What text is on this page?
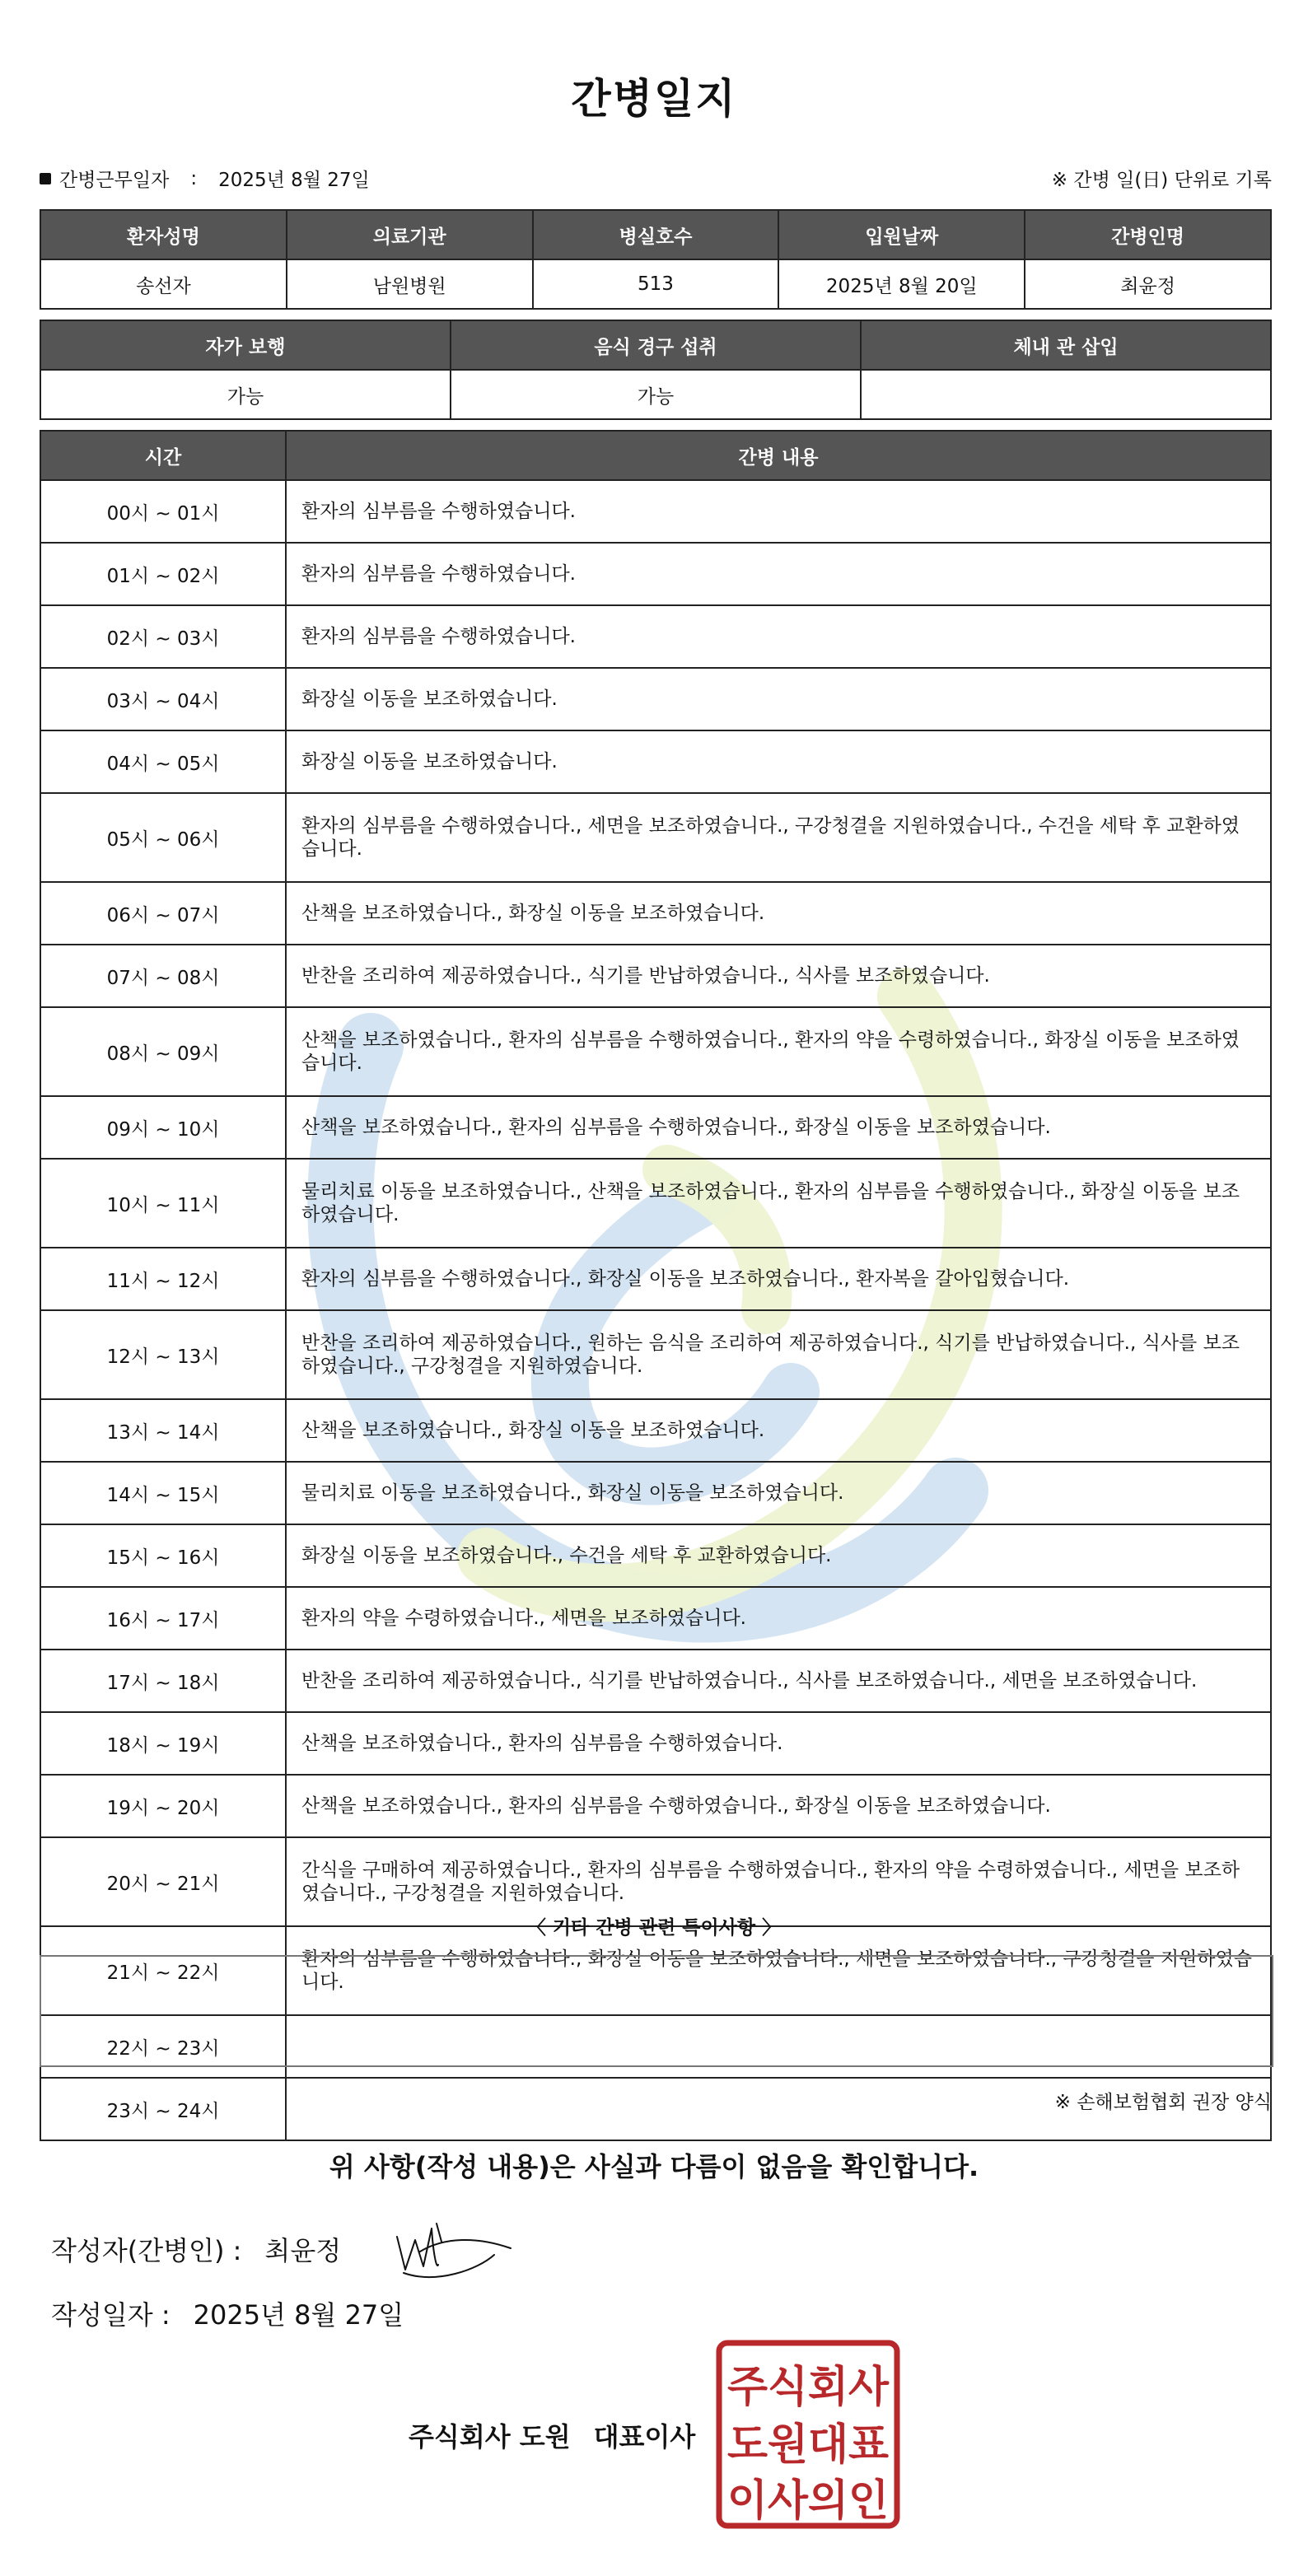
간병일지
간병근무일자 : 2025년 8월 27일	※ 간병 일(日) 단위로 기록
환자성명	의료기관	병실호수	입원날짜	간병인명
송선자	남원병원	513	2025년 8월 20일	최윤정
자가 보행	음식 경구 섭취	체내 관 삽입
가능	가능	
시간	간병 내용
00시 ~ 01시	환자의 심부름을 수행하였습니다.
01시 ~ 02시	환자의 심부름을 수행하였습니다.
02시 ~ 03시	환자의 심부름을 수행하였습니다.
03시 ~ 04시	화장실 이동을 보조하였습니다.
04시 ~ 05시	화장실 이동을 보조하였습니다.
05시 ~ 06시	환자의 심부름을 수행하였습니다., 세면을 보조하였습니다., 구강청결을 지원하였습니다., 수건을 세탁 후 교환하였습니다.
06시 ~ 07시	산책을 보조하였습니다., 화장실 이동을 보조하였습니다.
07시 ~ 08시	반찬을 조리하여 제공하였습니다., 식기를 반납하였습니다., 식사를 보조하였습니다.
08시 ~ 09시	산책을 보조하였습니다., 환자의 심부름을 수행하였습니다., 환자의 약을 수령하였습니다., 화장실 이동을 보조하였습니다.
09시 ~ 10시	산책을 보조하였습니다., 환자의 심부름을 수행하였습니다., 화장실 이동을 보조하였습니다.
10시 ~ 11시	물리치료 이동을 보조하였습니다., 산책을 보조하였습니다., 환자의 심부름을 수행하였습니다., 화장실 이동을 보조하였습니다.
11시 ~ 12시	환자의 심부름을 수행하였습니다., 화장실 이동을 보조하였습니다., 환자복을 갈아입혔습니다.
12시 ~ 13시	반찬을 조리하여 제공하였습니다., 원하는 음식을 조리하여 제공하였습니다., 식기를 반납하였습니다., 식사를 보조하였습니다., 구강청결을 지원하였습니다.
13시 ~ 14시	산책을 보조하였습니다., 화장실 이동을 보조하였습니다.
14시 ~ 15시	물리치료 이동을 보조하였습니다., 화장실 이동을 보조하였습니다.
15시 ~ 16시	화장실 이동을 보조하였습니다., 수건을 세탁 후 교환하였습니다.
16시 ~ 17시	환자의 약을 수령하였습니다., 세면을 보조하였습니다.
17시 ~ 18시	반찬을 조리하여 제공하였습니다., 식기를 반납하였습니다., 식사를 보조하였습니다., 세면을 보조하였습니다.
18시 ~ 19시	산책을 보조하였습니다., 환자의 심부름을 수행하였습니다.
19시 ~ 20시	산책을 보조하였습니다., 환자의 심부름을 수행하였습니다., 화장실 이동을 보조하였습니다.
20시 ~ 21시	간식을 구매하여 제공하였습니다., 환자의 심부름을 수행하였습니다., 환자의 약을 수령하였습니다., 세면을 보조하였습니다., 구강청결을 지원하였습니다.
21시 ~ 22시	환자의 심부름을 수행하였습니다., 화장실 이동을 보조하였습니다., 세면을 보조하였습니다., 구강청결을 지원하였습니다.
22시 ~ 23시	
23시 ~ 24시	
〈 기타 간병 관련 특이사항 〉
※ 손해보험협회 권장 양식
위 사항(작성 내용)은 사실과 다름이 없음을 확인합니다.
작성자(간병인) : 최윤정
작성일자 : 2025년 8월 27일
주식회사 도원 대표이사
주식회사
도원대표
이사의인
